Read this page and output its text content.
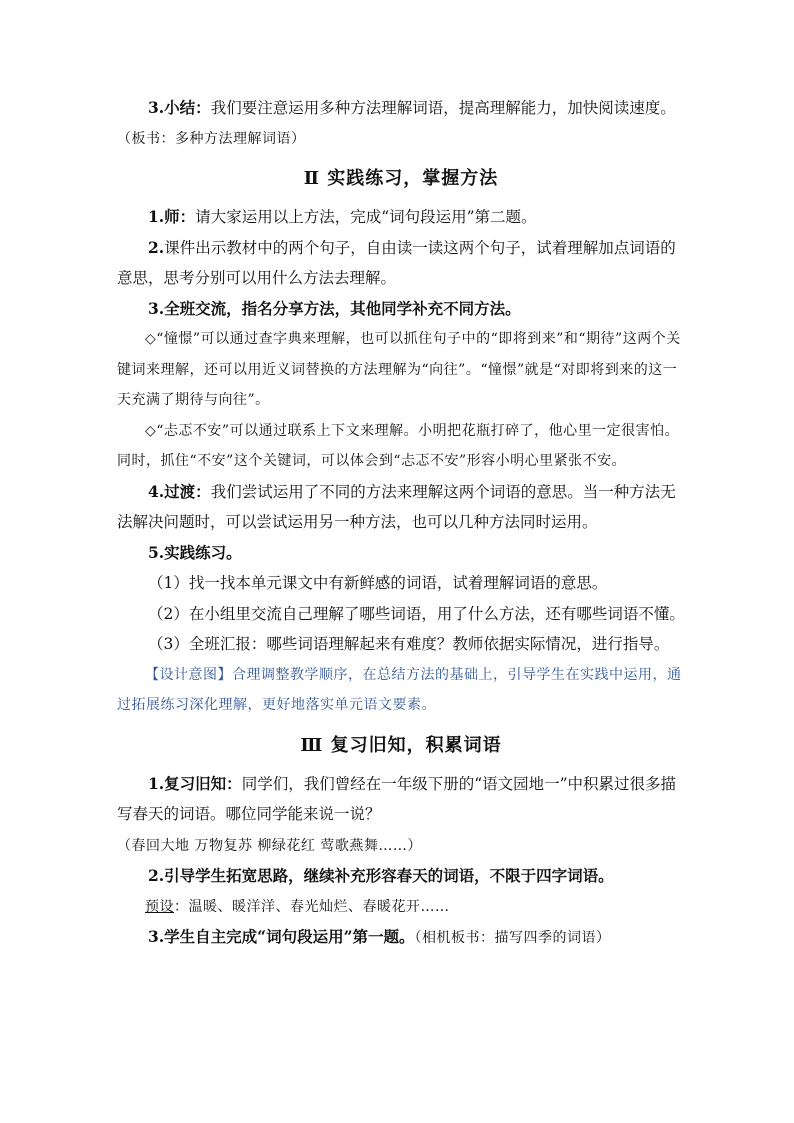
3.小结：我们要注意运用多种方法理解词语，提高理解能力，加快阅读速度。

（板书：多种方法理解词语）

Ⅱ 实践练习，掌握方法

1.师：请大家运用以上方法，完成“词句段运用”第二题。

2.课件出示教材中的两个句子，自由读一读这两个句子，试着理解加点词语的意思，思考分别可以用什么方法去理解。

3.全班交流，指名分享方法，其他同学补充不同方法。

◇“憧憬”可以通过查字典来理解，也可以抓住句子中的“即将到来”和“期待”这两个关键词来理解，还可以用近义词替换的方法理解为“向往”。“憧憬”就是“对即将到来的这一天充满了期待与向往”。

◇“忐忑不安”可以通过联系上下文来理解。小明把花瓶打碎了，他心里一定很害怕。同时，抓住“不安”这个关键词，可以体会到“忐忑不安”形容小明心里紧张不安。

4.过渡：我们尝试运用了不同的方法来理解这两个词语的意思。当一种方法无法解决问题时，可以尝试运用另一种方法，也可以几种方法同时运用。

5.实践练习。

（1）找一找本单元课文中有新鲜感的词语，试着理解词语的意思。

（2）在小组里交流自己理解了哪些词语，用了什么方法，还有哪些词语不懂。

（3）全班汇报：哪些词语理解起来有难度？教师依据实际情况，进行指导。

【设计意图】合理调整教学顺序，在总结方法的基础上，引导学生在实践中运用，通过拓展练习深化理解，更好地落实单元语文要素。

Ⅲ 复习旧知，积累词语

1.复习旧知：同学们，我们曾经在一年级下册的“语文园地一”中积累过很多描写春天的词语。哪位同学能来说一说？（春回大地 万物复苏 柳绿花红 莺歌燕舞……）

2.引导学生拓宽思路，继续补充形容春天的词语，不限于四字词语。

预设：温暖、暖洋洋、春光灿烂、春暖花开……

3.学生自主完成“词句段运用”第一题。（相机板书：描写四季的词语）
